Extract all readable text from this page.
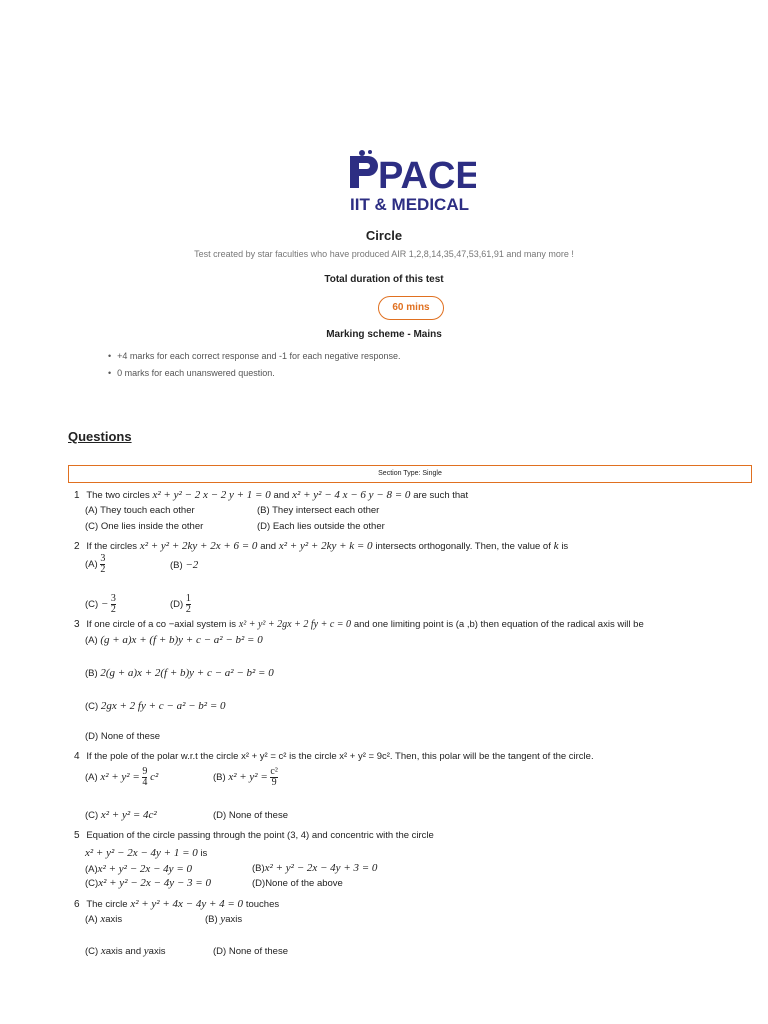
PACE
IIT & MEDICAL
Circle
Test created by star faculties who have produced AIR 1,2,8,14,35,47,53,61,91 and many more !
Total duration of this test
60 mins
Marking scheme - Mains
• +4 marks for each correct response and -1 for each negative response.
• 0 marks for each unanswered question.
Questions
Section Type: Single
1 The two circles x² + y² − 2 x − 2 y + 1 = 0 and x² + y² − 4 x − 6 y − 8 = 0 are such that
(A) They touch each other	(B) They intersect each other
(C) One lies inside the other	(D) Each lies outside the other
2 If the circles x² + y² + 2ky + 2x + 6 = 0 and x² + y² + 2ky + k = 0 intersects orthogonally. Then, the value of k is
$(A) \frac{3}{2}$	(B) −2
$(C) - \frac{3}{2}$	$(D) \frac{1}{2}$
3 If one circle of a co −axial system is x² + y² + 2gx + 2 fy + c = 0 and one limiting point is (a ,b) then equation of the radical axis will be
(A) (g + a)x + (f + b)y + c − a² − b² = 0
(B) 2(g + a)x + 2(f + b)y + c − a² − b² = 0
(C) 2gx + 2 fy + c − a² − b² = 0
(D) None of these
4 If the pole of the polar w.r.t the circle x² + y² = c² is the circle x² + y² = 9c². Then, this polar will be the tangent of the circle.
(A) $x^2 + y^2 = \frac{9}{4} c^2$	(B) $x^2 + y^2 = \frac{\text{c²}}{9}$
(C) x² + y² = 4c²	(D) None of these
5 Equation of the circle passing through the point (3, 4) and concentric with the circle
x² + y² − 2x − 4y + 1 = 0 is
(A)x² + y² − 2x − 4y = 0	(B)x² + y² − 2x − 4y + 3 = 0
(C)x² + y² − 2x − 4y − 3 = 0	(D)None of the above
6 The circle x² + y² + 4x − 4y + 4 = 0 touches
(A) xaxis	(B) yaxis
(C) xaxis and yaxis	(D) None of these
